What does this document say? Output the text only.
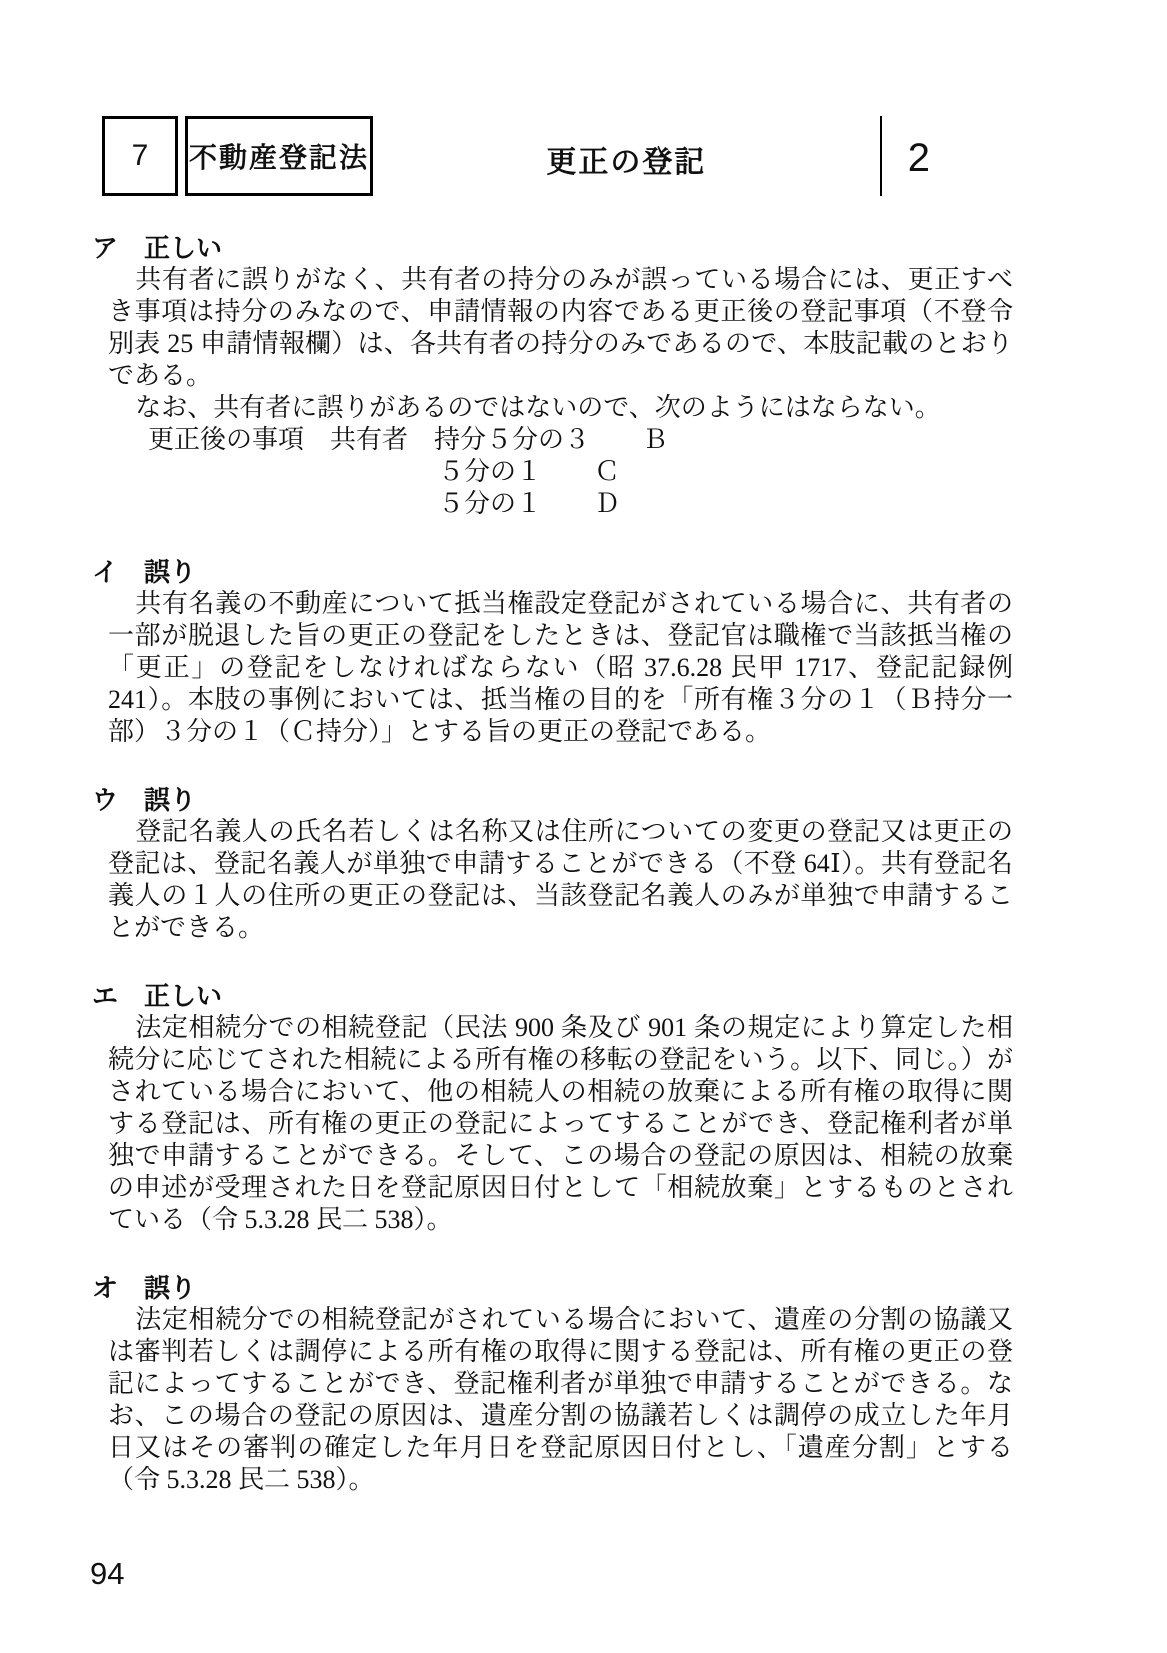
7 不動産登記法	更正の登記	2
ア 正しい

共有者に誤りがなく、共有者の持分のみが誤っている場合には、更正すべき事項は持分のみなので、申請情報の内容である更正後の登記事項（不登令別表 25 申請情報欄）は、各共有者の持分のみであるので、本肢記載のとおりである。

なお、共有者に誤りがあるのではないので、次のようにはならない。

更正後の事項　共有者　持分５分の３　　Ｂ
５分の１　　Ｃ
５分の１　　Ｄ
イ 誤り

共有名義の不動産について抵当権設定登記がされている場合に、共有者の一部が脱退した旨の更正の登記をしたときは、登記官は職権で当該抵当権の「更正」の登記をしなければならない（昭 37.6.28 民甲 1717、登記記録例 241）。本肢の事例においては、抵当権の目的を「所有権３分の１（Ｂ持分一部）３分の１（Ｃ持分）」とする旨の更正の登記である。

ウ 誤り

登記名義人の氏名若しくは名称又は住所についての変更の登記又は更正の登記は、登記名義人が単独で申請することができる（不登 64Ⅰ）。共有登記名義人の１人の住所の更正の登記は、当該登記名義人のみが単独で申請することができる。

エ 正しい

法定相続分での相続登記（民法 900 条及び 901 条の規定により算定した相続分に応じてされた相続による所有権の移転の登記をいう。以下、同じ。）がされている場合において、他の相続人の相続の放棄による所有権の取得に関する登記は、所有権の更正の登記によってすることができ、登記権利者が単独で申請することができる。そして、この場合の登記の原因は、相続の放棄の申述が受理された日を登記原因日付として「相続放棄」とするものとされている（令 5.3.28 民二 538）。

オ 誤り

法定相続分での相続登記がされている場合において、遺産の分割の協議又は審判若しくは調停による所有権の取得に関する登記は、所有権の更正の登記によってすることができ、登記権利者が単独で申請することができる。なお、この場合の登記の原因は、遺産分割の協議若しくは調停の成立した年月日又はその審判の確定した年月日を登記原因日付とし、「遺産分割」とする（令 5.3.28 民二 538）。

94
